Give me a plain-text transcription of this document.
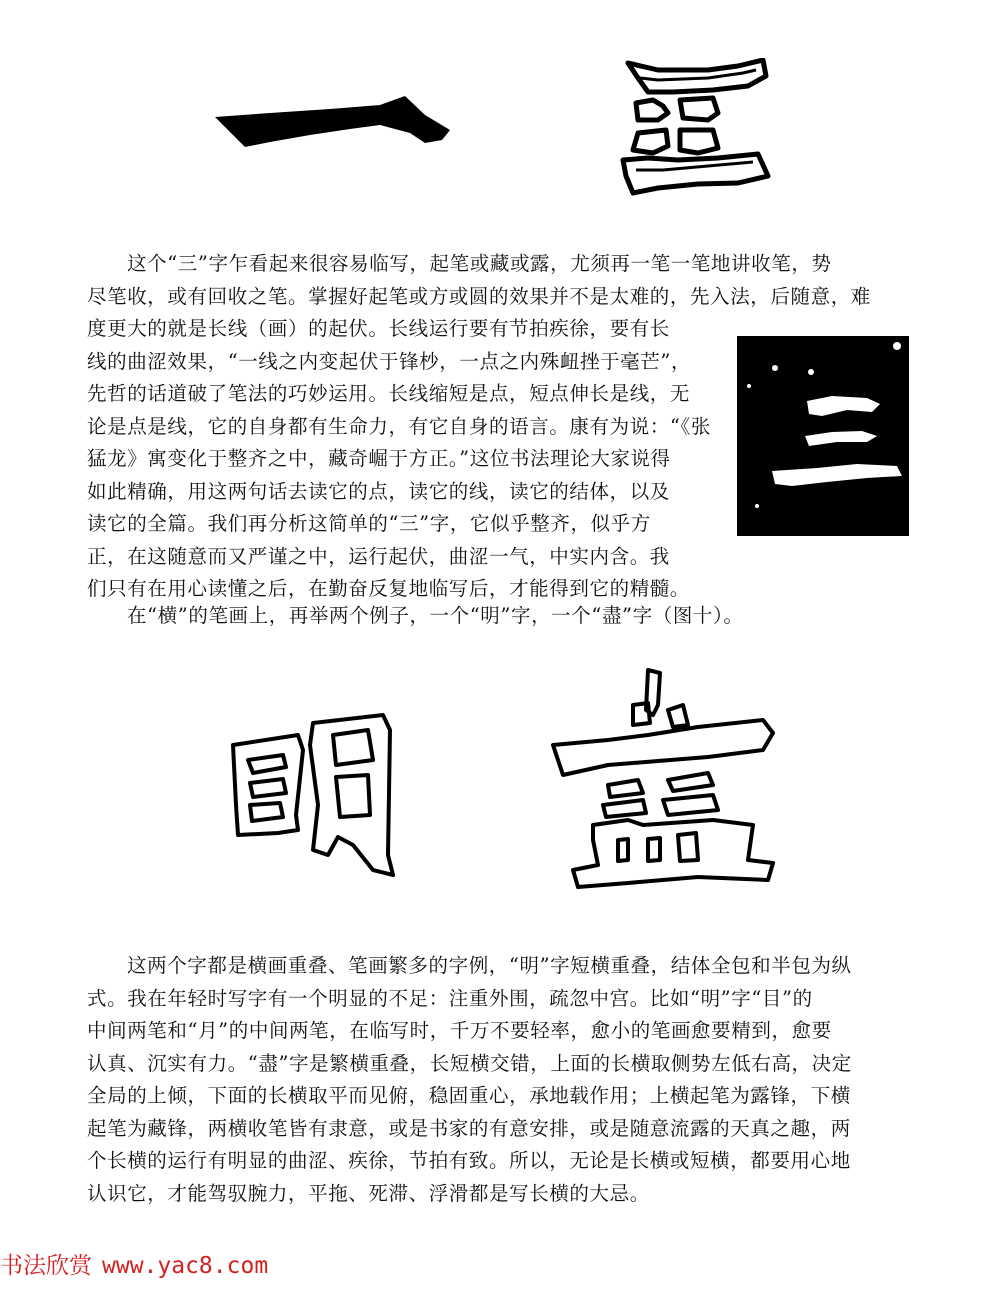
这个“三”字乍看起来很容易临写，起笔或藏或露，尤须再一笔一笔地讲收笔，势
尽笔收，或有回收之笔。掌握好起笔或方或圆的效果并不是太难的，先入法，后随意，难
度更大的就是长线（画）的起伏。长线运行要有节拍疾徐，要有长
线的曲涩效果，“一线之内变起伏于锋杪，一点之内殊衄挫于毫芒”，
先哲的话道破了笔法的巧妙运用。长线缩短是点，短点伸长是线，无
论是点是线，它的自身都有生命力，有它自身的语言。康有为说：“《张
猛龙》寓变化于整齐之中，藏奇崛于方正。”这位书法理论大家说得
如此精确，用这两句话去读它的点，读它的线，读它的结体，以及
读它的全篇。我们再分析这简单的“三”字，它似乎整齐，似乎方
正，在这随意而又严谨之中，运行起伏，曲涩一气，中实内含。我
们只有在用心读懂之后，在勤奋反复地临写后，才能得到它的精髓。
在“横”的笔画上，再举两个例子，一个“明”字，一个“盡”字（图十）。
这两个字都是横画重叠、笔画繁多的字例，“明”字短横重叠，结体全包和半包为纵
式。我在年轻时写字有一个明显的不足：注重外围，疏忽中宫。比如“明”字“目”的
中间两笔和“月”的中间两笔，在临写时，千万不要轻率，愈小的笔画愈要精到，愈要
认真、沉实有力。“盡”字是繁横重叠，长短横交错，上面的长横取侧势左低右高，决定
全局的上倾，下面的长横取平而见俯，稳固重心，承地载作用；上横起笔为露锋，下横
起笔为藏锋，两横收笔皆有隶意，或是书家的有意安排，或是随意流露的天真之趣，两
个长横的运行有明显的曲涩、疾徐，节拍有致。所以，无论是长横或短横，都要用心地
认识它，才能驾驭腕力，平拖、死滞、浮滑都是写长横的大忌。
书法欣赏 www.yac8.com
